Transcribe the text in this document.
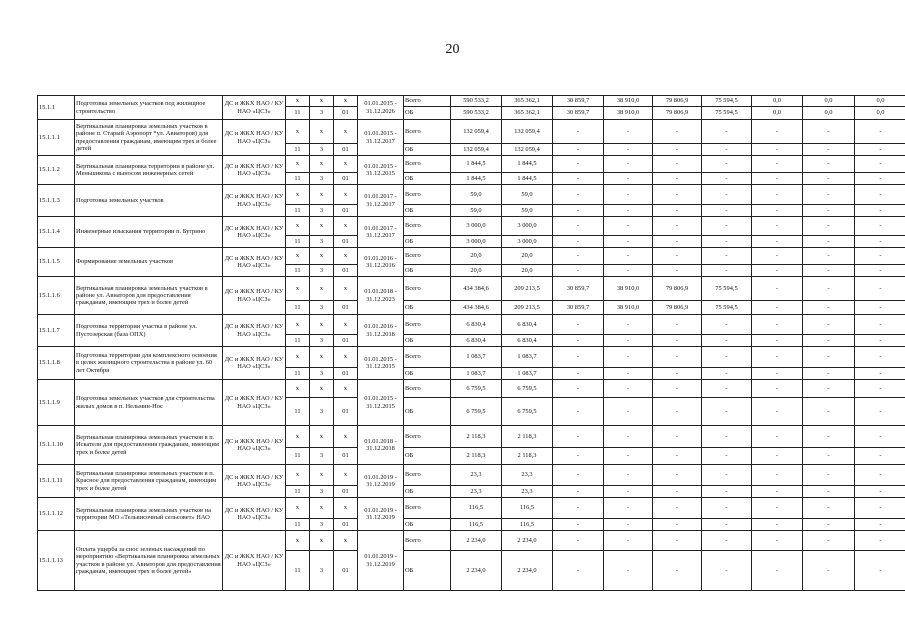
20
15.1.1	Подготовка земельных участков под жилищное строительство	ДС и ЖКХ НАО / КУ НАО «ЦСЗ»	x	x	x	01.01.2015 - 31.12.2026	Всего	590 533,2	365 362,1	30 859,7	38 910,0	79 806,9	75 594,5	0,0	0,0	0,0
			11	3	01		ОБ	590 533,2	365 362,1	30 859,7	38 910,0	79 806,9	75 594,5	0,0	0,0	0,0
15.1.1.1	Вертикальная планировка земельных участков в районе п. Старый Аэропорт *ул. Авиаторов) для предоставления гражданам, имеющим трех и более детей	ДС и ЖКХ НАО / КУ НАО «ЦСЗ»	x	x	x	01.01.2015 - 31.12.2017	Всего	132 059,4	132 059,4	-	-	-	-	-	-	-
			11	3	01		ОБ	132 059,4	132 059,4	-	-	-	-	-	-	-
15.1.1.2	Вертикальная планировка территории в районе ул. Меньшикова с выносом инженерных сетей	ДС и ЖКХ НАО / КУ НАО «ЦСЗ»	x	x	x	01.01.2015 - 31.12.2015	Всего	1 844,5	1 844,5	-	-	-	-	-	-	-
			11	3	01		ОБ	1 844,5	1 844,5	-	-	-	-	-	-	-
15.1.1.3	Подготовка земельных участков	ДС и ЖКХ НАО / КУ НАО «ЦСЗ»	x	x	x	01.01.2017 - 31.12.2017	Всего	59,0	59,0	-	-	-	-	-	-	-
			11	3	01		ОБ	59,0	59,0	-	-	-	-	-	-	-
15.1.1.4	Инженерные изыскания территории п. Бугрино	ДС и ЖКХ НАО / КУ НАО «ЦСЗ»	x	x	x	01.01.2017 - 31.12.2017	Всего	3 000,0	3 000,0	-	-	-	-	-	-	-
			11	3	01		ОБ	3 000,0	3 000,0	-	-	-	-	-	-	-
15.1.1.5	Формирование земельных участков	ДС и ЖКХ НАО / КУ НАО «ЦСЗ»	x	x	x	01.01.2016 - 31.12.2016	Всего	20,0	20,0	-	-	-	-	-	-	-
			11	3	01		ОБ	20,0	20,0	-	-	-	-	-	-	-
15.1.1.6	Вертикальная планировка земельных участков в районе ул. Авиаторов для предоставления гражданам, имеющим трех и более детей	ДС и ЖКХ НАО / КУ НАО «ЦСЗ»	x	x	x	01.01.2018 - 31.12.2023	Всего	434 384,6	209 213,5	30 859,7	38 910,0	79 806,9	75 594,5	-	-	-
			11	3	01		ОБ	434 384,6	209 213,5	30 859,7	38 910,0	79 806,9	75 594,5	-	-	-
15.1.1.7	Подготовка территории участка в районе ул. Пустозерская (база ОПХ)	ДС и ЖКХ НАО / КУ НАО «ЦСЗ»	x	x	x	01.01.2016 - 31.12.2018	Всего	6 830,4	6 830,4	-	-	-	-	-	-	-
			11	3	01		ОБ	6 830,4	6 830,4	-	-	-	-	-	-	-
15.1.1.8	Подготовка территории для комплексного освоения в целях жилищного строительства в районе ул. 60 лет Октября	ДС и ЖКХ НАО / КУ НАО «ЦСЗ»	x	x	x	01.01.2015 - 31.12.2015	Всего	1 083,7	1 083,7	-	-	-	-	-	-	-
			11	3	01		ОБ	1 083,7	1 083,7	-	-	-	-	-	-	-
15.1.1.9	Подготовка земельных участков для строительства жилых домов в п. Нельмин-Нос	ДС и ЖКХ НАО / КУ НАО «ЦСЗ»	x	x	x	01.01.2015 - 31.12.2015	Всего	6 759,5	6 759,5	-	-	-	-	-	-	-
			11	3	01		ОБ	6 759,5	6 759,5	-	-	-	-	-	-	-
15.1.1.10	Вертикальная планировка земельных участков в п. Искатели для предоставления гражданам, имеющим трех и более детей	ДС и ЖКХ НАО / КУ НАО «ЦСЗ»	x	x	x	01.01.2018 - 31.12.2018	Всего	2 118,3	2 118,3	-	-	-	-	-	-	-
			11	3	01		ОБ	2 118,3	2 118,3	-	-	-	-	-	-	-
15.1.1.11	Вертикальная планировка земельных участков в п. Красное для предоставления гражданам, имеющим трех и более детей	ДС и ЖКХ НАО / КУ НАО «ЦСЗ»	x	x	x	01.01.2019 - 31.12.2019	Всего	23,3	23,3	-	-	-	-	-	-	-
			11	3	01		ОБ	23,3	23,3	-	-	-	-	-	-	-
15.1.1.12	Вертикальная планировка земельных участков на территории МО «Тельвисочный сельсовет» НАО	ДС и ЖКХ НАО / КУ НАО «ЦСЗ»	x	x	x	01.01.2019 - 31.12.2019	Всего	116,5	116,5	-	-	-	-	-	-	-
			11	3	01		ОБ	116,5	116,5	-	-	-	-	-	-	-
15.1.1.13	Оплата ущерба за снос зеленых насаждений по мероприятию «Вертикальная планировка земельных участков в районе ул. Авиаторов для предоставления гражданам, имеющим трех и более детей»	ДС и ЖКХ НАО / КУ НАО «ЦСЗ»	x	x	x	01.01.2019 - 31.12.2019	Всего	2 234,0	2 234,0	-	-	-	-	-	-	-
			11	3	01		ОБ	2 234,0	2 234,0	-	-	-	-	-	-	-
